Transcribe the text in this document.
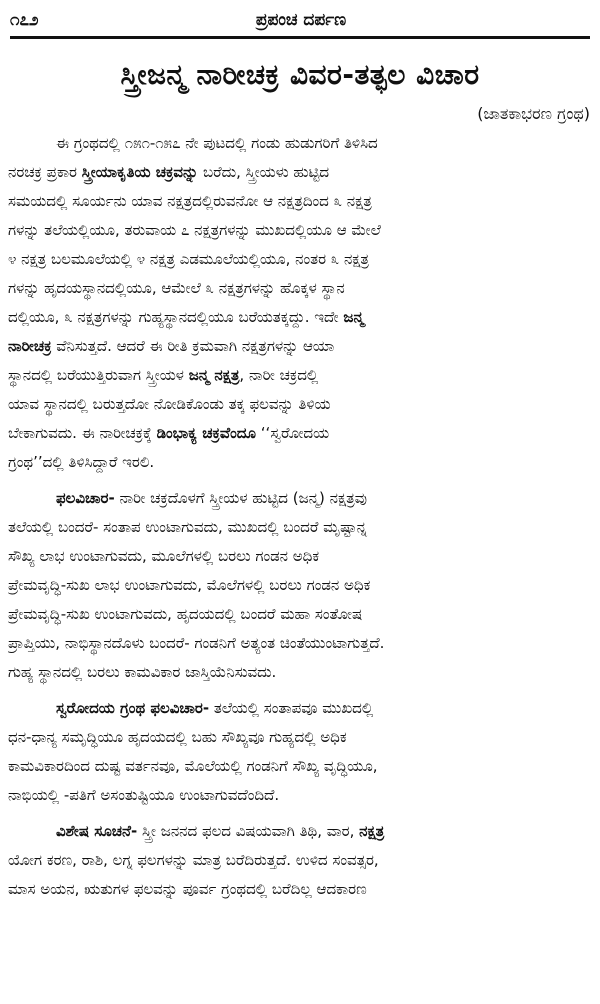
೧೭೨	ಪ್ರಪಂಚ ದರ್ಪಣ
ಸ್ತ್ರೀಜನ್ಮ ನಾರೀಚಕ್ರ ವಿವರ-ತತ್ಫಲ ವಿಚಾರ
(ಜಾತಕಾಭರಣ ಗ್ರಂಥ)

ಈ ಗ್ರಂಥದಲ್ಲಿ ೧೫೧-೧೫೭ ನೇ ಪುಟದಲ್ಲಿ ಗಂಡು ಹುಡುಗರಿಗೆ ತಿಳಿಸಿದ
ನರಚಕ್ರ ಪ್ರಕಾರ ಸ್ತ್ರೀಯಾಕೃತಿಯ ಚಕ್ರವನ್ನು ಬರೆದು, ಸ್ತ್ರೀಯಳು ಹುಟ್ಟಿದ
ಸಮಯದಲ್ಲಿ ಸೂರ್ಯನು ಯಾವ ನಕ್ಷತ್ರದಲ್ಲಿರುವನೋ ಆ ನಕ್ಷತ್ರದಿಂದ ೩ ನಕ್ಷತ್ರ
ಗಳನ್ನು ತಲೆಯಲ್ಲಿಯೂ, ತರುವಾಯ ೭ ನಕ್ಷತ್ರಗಳನ್ನು ಮುಖದಲ್ಲಿಯೂ ಆ ಮೇಲೆ
೪ ನಕ್ಷತ್ರ ಬಲಮೂಲೆಯಲ್ಲಿ ೪ ನಕ್ಷತ್ರ ಎಡಮೂಲೆಯಲ್ಲಿಯೂ, ನಂತರ ೩ ನಕ್ಷತ್ರ
ಗಳನ್ನು ಹೃದಯಸ್ಥಾನದಲ್ಲಿಯೂ, ಆಮೇಲೆ ೩ ನಕ್ಷತ್ರಗಳನ್ನು ಹೊಕ್ಕಳ ಸ್ಥಾನ
ದಲ್ಲಿಯೂ, ೩ ನಕ್ಷತ್ರಗಳನ್ನು ಗುಹ್ಯಸ್ಥಾನದಲ್ಲಿಯೂ ಬರೆಯತಕ್ಕದ್ದು. ಇದೇ ಜನ್ಮ
ನಾರೀಚಕ್ರ ವೆನಿಸುತ್ತದೆ. ಆದರೆ ಈ ರೀತಿ ಕ್ರಮವಾಗಿ ನಕ್ಷತ್ರಗಳನ್ನು ಆಯಾ
ಸ್ಥಾನದಲ್ಲಿ ಬರೆಯುತ್ತಿರುವಾಗ ಸ್ತ್ರೀಯಳ ಜನ್ಮ ನಕ್ಷತ್ರ, ನಾರೀ ಚಕ್ರದಲ್ಲಿ
ಯಾವ ಸ್ಥಾನದಲ್ಲಿ ಬರುತ್ತದೋ ನೋಡಿಕೊಂಡು ತಕ್ಕ ಫಲವನ್ನು ತಿಳಿಯ
ಬೇಕಾಗುವದು. ಈ ನಾರೀಚಕ್ರಕ್ಕೆ ಡಿಂಭಾಕ್ಯ ಚಕ್ರವೆಂದೂ ‘‘ಸ್ವರೋದಯ
ಗ್ರಂಥ’’ದಲ್ಲಿ ತಿಳಿಸಿದ್ದಾರೆ ಇರಲಿ.

ಫಲವಿಚಾರ- ನಾರೀ ಚಕ್ರದೊಳಗೆ ಸ್ತ್ರೀಯಳ ಹುಟ್ಟಿದ (ಜನ್ಮ) ನಕ್ಷತ್ರವು
ತಲೆಯಲ್ಲಿ ಬಂದರೆ- ಸಂತಾಪ ಉಂಟಾಗುವದು, ಮುಖದಲ್ಲಿ ಬಂದರೆ ಮೃಷ್ಟಾನ್ನ
ಸೌಖ್ಯ ಲಾಭ ಉಂಟಾಗುವದು, ಮೂಲೆಗಳಲ್ಲಿ ಬರಲು ಗಂಡನ ಅಧಿಕ
ಪ್ರೇಮವೃದ್ಧಿ-ಸುಖ ಲಾಭ ಉಂಟಾಗುವದು, ಮೊಲೆಗಳಲ್ಲಿ ಬರಲು ಗಂಡನ ಅಧಿಕ
ಪ್ರೇಮವೃದ್ಧಿ-ಸುಖ ಉಂಟಾಗುವದು, ಹೃದಯದಲ್ಲಿ ಬಂದರೆ ಮಹಾ ಸಂತೋಷ
ಪ್ರಾಪ್ತಿಯು, ನಾಭಿಸ್ಥಾನದೊಳು ಬಂದರೆ- ಗಂಡನಿಗೆ ಅತ್ಯಂತ ಚಿಂತೆಯುಂಟಾಗುತ್ತದೆ.
ಗುಹ್ಯ ಸ್ಥಾನದಲ್ಲಿ ಬರಲು ಕಾಮವಿಕಾರ ಜಾಸ್ತಿಯೆನಿಸುವದು.

ಸ್ವರೋದಯ ಗ್ರಂಥ ಫಲವಿಚಾರ- ತಲೆಯಲ್ಲಿ ಸಂತಾಪವೂ ಮುಖದಲ್ಲಿ
ಧನ-ಧಾನ್ಯ ಸಮೃದ್ಧಿಯೂ ಹೃದಯದಲ್ಲಿ ಬಹು ಸೌಖ್ಯವೂ ಗುಹ್ಯದಲ್ಲಿ ಅಧಿಕ
ಕಾಮವಿಕಾರದಿಂದ ದುಷ್ಟ ವರ್ತನವೂ, ಮೊಲೆಯಲ್ಲಿ ಗಂಡನಿಗೆ ಸೌಖ್ಯ ವೃದ್ಧಿಯೂ,
ನಾಭಿಯಲ್ಲಿ -ಪತಿಗೆ ಅಸಂತುಷ್ಟಿಯೂ ಉಂಟಾಗುವದೆಂದಿದೆ.

ವಿಶೇಷ ಸೂಚನೆ- ಸ್ತ್ರೀ ಜನನದ ಫಲದ ವಿಷಯವಾಗಿ ತಿಥಿ, ವಾರ, ನಕ್ಷತ್ರ
ಯೋಗ ಕರಣ, ರಾಶಿ, ಲಗ್ನ ಫಲಗಳನ್ನು ಮಾತ್ರ ಬರೆದಿರುತ್ತದೆ. ಉಳಿದ ಸಂವತ್ಸರ,
ಮಾಸ ಅಯನ, ಋತುಗಳ ಫಲವನ್ನು ಪೂರ್ವ ಗ್ರಂಥದಲ್ಲಿ ಬರೆದಿಲ್ಲ ಆದಕಾರಣ
